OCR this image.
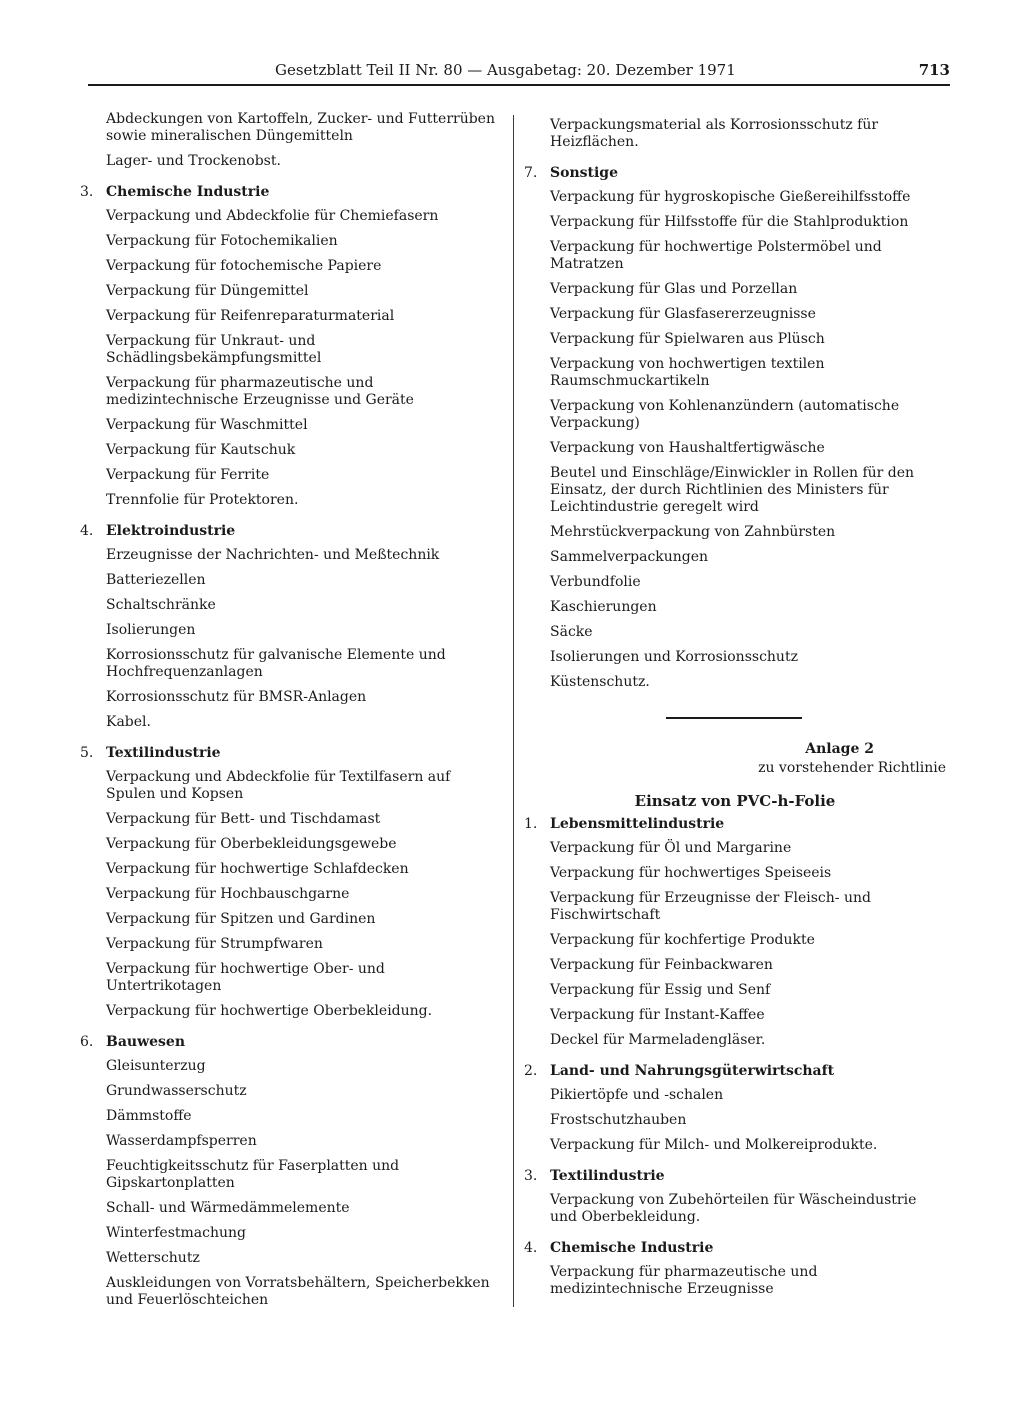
Gesetzblatt Teil II Nr. 80 — Ausgabetag: 20. Dezember 1971	713
Abdeckungen von Kartoffeln, Zucker- und Futterrüben sowie mineralischen Düngemitteln
Lager- und Trockenobst.
3. Chemische Industrie
Verpackung und Abdeckfolie für Chemiefasern
Verpackung für Fotochemikalien
Verpackung für fotochemische Papiere
Verpackung für Düngemittel
Verpackung für Reifenreparaturmaterial
Verpackung für Unkraut- und Schädlingsbekämpfungsmittel
Verpackung für pharmazeutische und medizintechnische Erzeugnisse und Geräte
Verpackung für Waschmittel
Verpackung für Kautschuk
Verpackung für Ferrite
Trennfolie für Protektoren.
4. Elektroindustrie
Erzeugnisse der Nachrichten- und Meßtechnik
Batteriezellen
Schaltschränke
Isolierungen
Korrosionsschutz für galvanische Elemente und Hochfrequenzanlagen
Korrosionsschutz für BMSR-Anlagen
Kabel.
5. Textilindustrie
Verpackung und Abdeckfolie für Textilfasern auf Spulen und Kopsen
Verpackung für Bett- und Tischdamast
Verpackung für Oberbekleidungsgewebe
Verpackung für hochwertige Schlafdecken
Verpackung für Hochbauschgarne
Verpackung für Spitzen und Gardinen
Verpackung für Strumpfwaren
Verpackung für hochwertige Ober- und Untertrikotagen
Verpackung für hochwertige Oberbekleidung.
6. Bauwesen
Gleisunterzug
Grundwasserschutz
Dämmstoffe
Wasserdampfsperren
Feuchtigkeitsschutz für Faserplatten und Gipskartonplatten
Schall- und Wärmedämmelemente
Winterfestmachung
Wetterschutz
Auskleidungen von Vorratsbehältern, Speicherbekken und Feuerlöschteichen
Verpackungsmaterial als Korrosionsschutz für Heizflächen.
7. Sonstige
Verpackung für hygroskopische Gießereihilfsstoffe
Verpackung für Hilfsstoffe für die Stahlproduktion
Verpackung für hochwertige Polstermöbel und Matratzen
Verpackung für Glas und Porzellan
Verpackung für Glasfasererzeugnisse
Verpackung für Spielwaren aus Plüsch
Verpackung von hochwertigen textilen Raumschmuckartikeln
Verpackung von Kohlenanzündern (automatische Verpackung)
Verpackung von Haushaltfertigwäsche
Beutel und Einschläge/Einwickler in Rollen für den Einsatz, der durch Richtlinien des Ministers für Leichtindustrie geregelt wird
Mehrstückverpackung von Zahnbürsten
Sammelverpackungen
Verbundfolie
Kaschierungen
Säcke
Isolierungen und Korrosionsschutz
Küstenschutz.
Anlage 2
zu vorstehender Richtlinie
Einsatz von PVC-h-Folie
1. Lebensmittelindustrie
Verpackung für Öl und Margarine
Verpackung für hochwertiges Speiseeis
Verpackung für Erzeugnisse der Fleisch- und Fischwirtschaft
Verpackung für kochfertige Produkte
Verpackung für Feinbackwaren
Verpackung für Essig und Senf
Verpackung für Instant-Kaffee
Deckel für Marmeladengläser.
2. Land- und Nahrungsgüterwirtschaft
Pikiertöpfe und -schalen
Frostschutzhauben
Verpackung für Milch- und Molkereiprodukte.
3. Textilindustrie
Verpackung von Zubehörteilen für Wäscheindustrie und Oberbekleidung.
4. Chemische Industrie
Verpackung für pharmazeutische und medizintechnische Erzeugnisse
